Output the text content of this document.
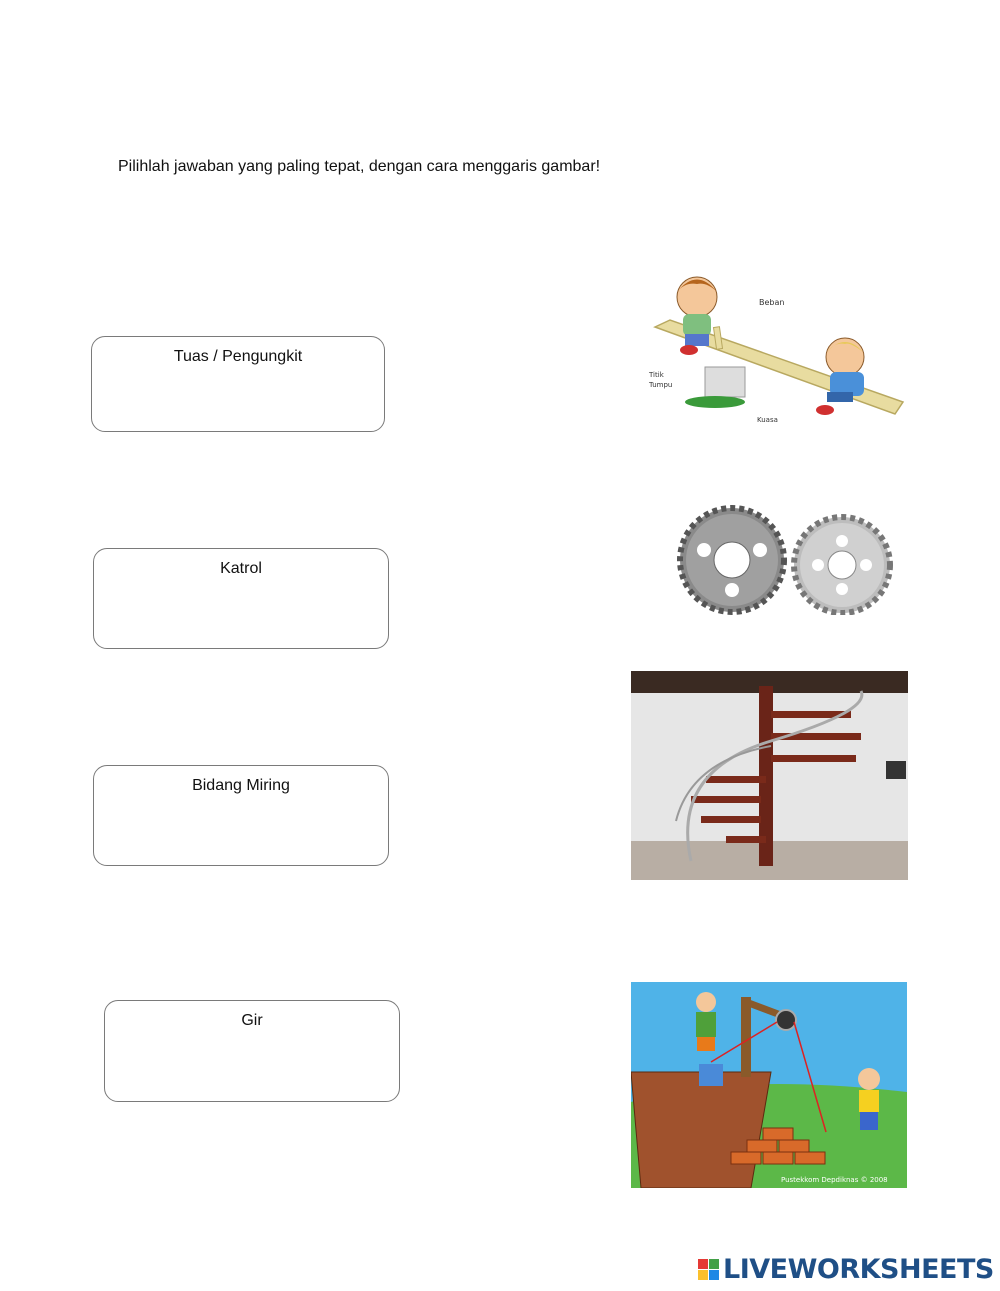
Pilihlah jawaban yang paling tepat, dengan cara menggaris gambar!
Tuas / Pengungkit
Katrol
Bidang Miring
Gir
Beban
Titik
Tumpu
Kuasa
Pustekkom Depdiknas © 2008
LIVEWORKSHEETS
